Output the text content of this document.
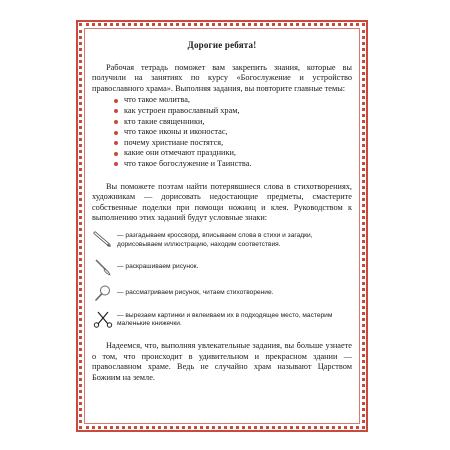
Дорогие ребята!

Рабочая тетрадь поможет вам закрепить знания, которые вы получили на занятиях по курсу «Богослужение и устройство православного храма». Выполняя задания, вы повторите главные темы:

что такое молитва,
как устроен православный храм,
кто такие священники,
что такое иконы и иконостас,
почему христиане постятся,
какие они отмечают праздники,
что такое богослужение и Таинства.

Вы поможете поэтам найти потерявшиеся слова в стихотворениях, художникам — дорисовать недостающие предметы, смастерите собственные поделки при помощи ножниц и клея. Руководством к выполнению этих заданий будут условные знаки:

— разгадываем кроссворд, вписываем слова в стихи и загадки, дорисовываем иллюстрацию, находим соответствия.
— раскрашиваем рисунок.
— рассматриваем рисунок, читаем стихотворение.
— вырезаем картинки и вклеиваем их в подходящее место, мастерим маленькие книжечки.

Надеемся, что, выполняя увлекательные задания, вы больше узнаете о том, что происходит в удивительном и прекрасном здании — православном храме. Ведь не случайно храм называют Царством Божиим на земле.
